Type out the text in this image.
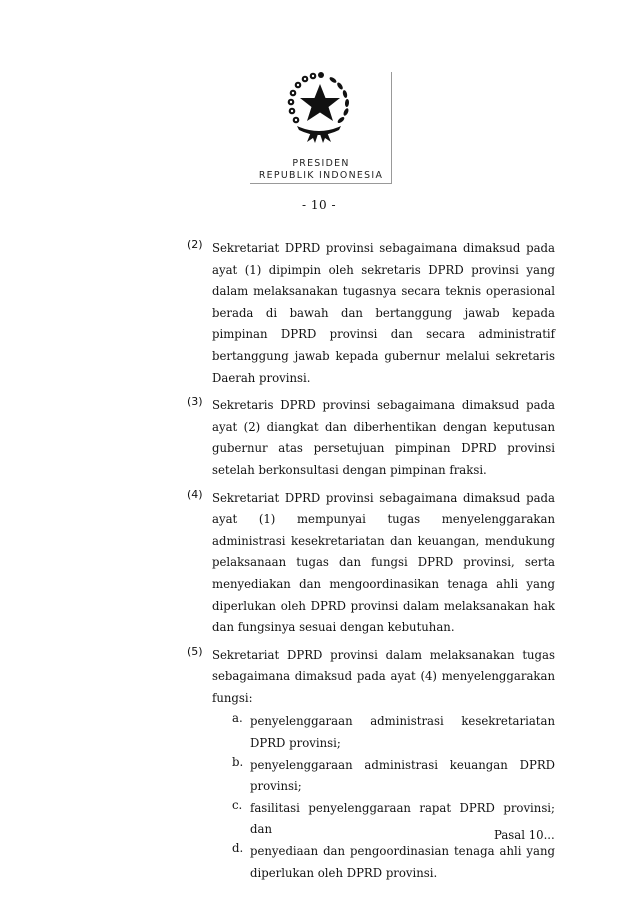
PRESIDEN
REPUBLIK INDONESIA
- 10 -
(2) Sekretariat DPRD provinsi sebagaimana dimaksud pada ayat (1) dipimpin oleh sekretaris DPRD provinsi yang dalam melaksanakan tugasnya secara teknis operasional berada di bawah dan bertanggung jawab kepada pimpinan DPRD provinsi dan secara administratif bertanggung jawab kepada gubernur melalui sekretaris Daerah provinsi.
(3) Sekretaris DPRD provinsi sebagaimana dimaksud pada ayat (2) diangkat dan diberhentikan dengan keputusan gubernur atas persetujuan pimpinan DPRD provinsi setelah berkonsultasi dengan pimpinan fraksi.
(4) Sekretariat DPRD provinsi sebagaimana dimaksud pada ayat (1) mempunyai tugas menyelenggarakan administrasi kesekretariatan dan keuangan, mendukung pelaksanaan tugas dan fungsi DPRD provinsi, serta menyediakan dan mengoordinasikan tenaga ahli yang diperlukan oleh DPRD provinsi dalam melaksanakan hak dan fungsinya sesuai dengan kebutuhan.
(5) Sekretariat DPRD provinsi dalam melaksanakan tugas sebagaimana dimaksud pada ayat (4) menyelenggarakan fungsi:
a. penyelenggaraan administrasi kesekretariatan DPRD provinsi;
b. penyelenggaraan administrasi keuangan DPRD provinsi;
c. fasilitasi penyelenggaraan rapat DPRD provinsi; dan
d. penyediaan dan pengoordinasian tenaga ahli yang diperlukan oleh DPRD provinsi.
Pasal 10...
